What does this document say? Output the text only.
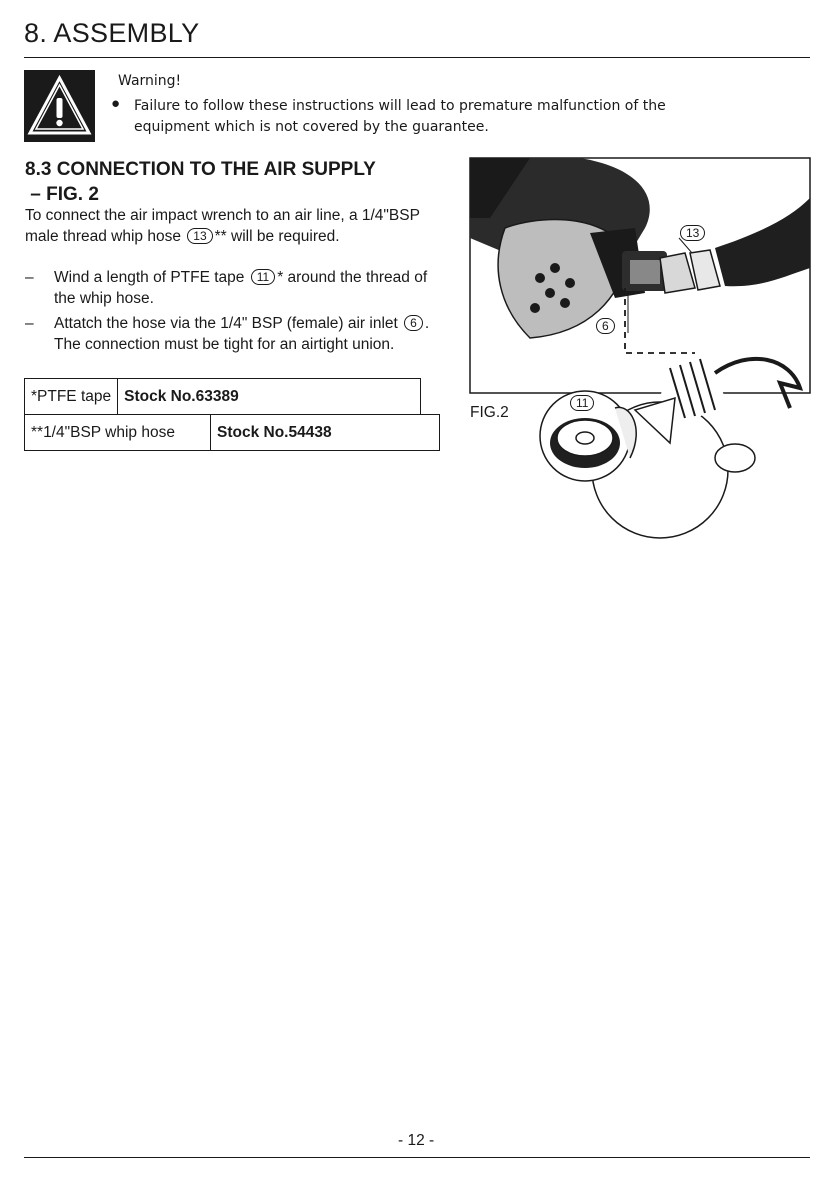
8. ASSEMBLY
Warning!
● Failure to follow these instructions will lead to premature malfunction of the equipment which is not covered by the guarantee.
8.3 CONNECTION TO THE AIR SUPPLY
– FIG. 2
To connect the air impact wrench to an air line, a 1/4"BSP male thread whip hose 13 ** will be required.
– Wind a length of PTFE tape 11 * around the thread of the whip hose.
– Attatch the hose via the 1/4" BSP (female) air inlet 6 . The connection must be tight for an airtight union.
*PTFE tape	Stock No.63389
**1/4"BSP whip hose	Stock No.54438
13
6
11
FIG.2
- 12 -
